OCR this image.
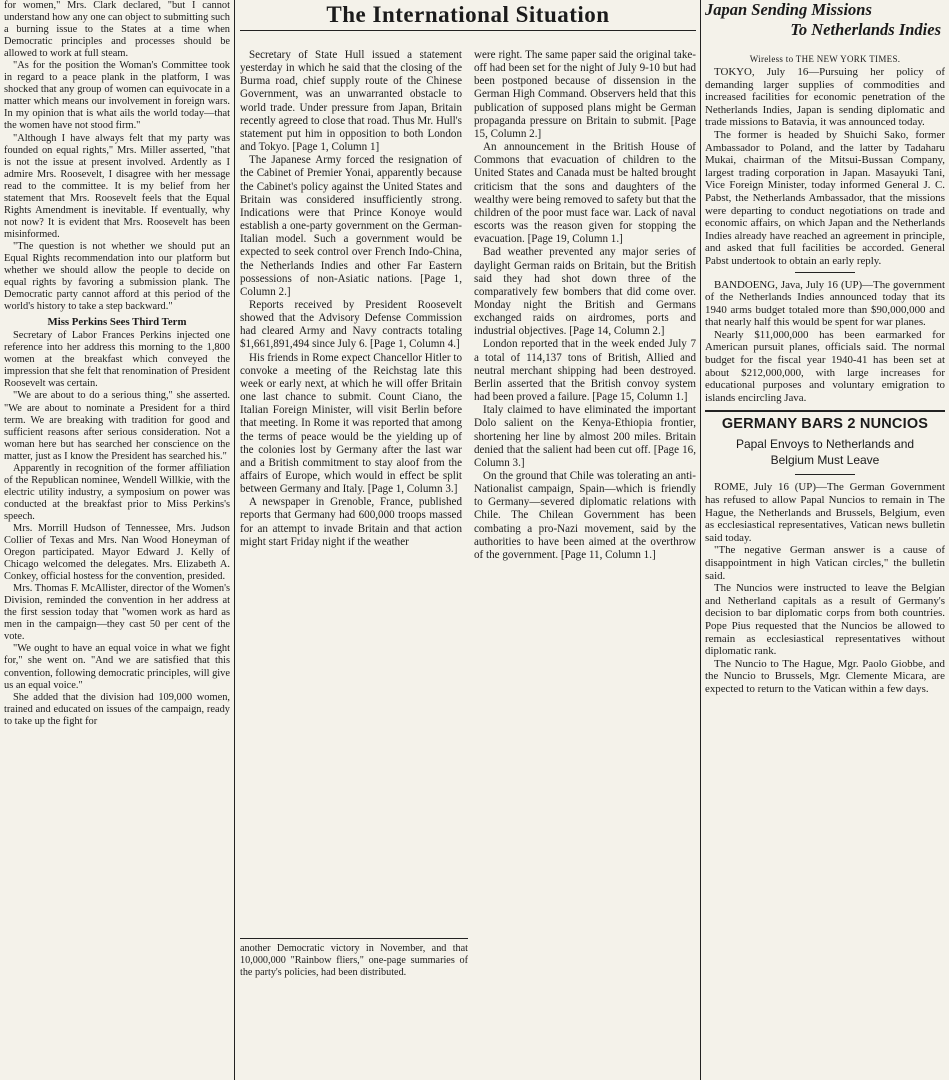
for women," Mrs. Clark declared, "but I cannot understand how any one can object to submitting such a burning issue to the States at a time when Democratic principles and processes should be allowed to work at full steam.

"As for the position the Woman's Committee took in regard to a peace plank in the platform, I was shocked that any group of women can equivocate in a matter which means our involvement in foreign wars. In my opinion that is what ails the world today—that the women have not stood firm."

"Although I have always felt that my party was founded on equal rights," Mrs. Miller asserted, "that is not the issue at present involved. Ardently as I admire Mrs. Roosevelt, I disagree with her message read to the committee. It is my belief from her statement that Mrs. Roosevelt feels that the Equal Rights Amendment is inevitable. If eventually, why not now? It is evident that Mrs. Roosevelt has been misinformed.

"The question is not whether we should put an Equal Rights recommendation into our platform but whether we should allow the people to decide on equal rights by favoring a submission plank. The Democratic party cannot afford at this period of the world's history to take a step backward."

Miss Perkins Sees Third Term

Secretary of Labor Frances Perkins injected one reference into her address this morning to the 1,800 women at the breakfast which conveyed the impression that she felt that renomination of President Roosevelt was certain.

"We are about to do a serious thing," she asserted. "We are about to nominate a President for a third term. We are breaking with tradition for good and sufficient reasons after serious consideration. Not a woman here but has searched her conscience on the matter, just as I know the President has searched his."

Apparently in recognition of the former affiliation of the Republican nominee, Wendell Willkie, with the electric utility industry, a symposium on power was conducted at the breakfast prior to Miss Perkins's speech.

Mrs. Morrill Hudson of Tennessee, Mrs. Judson Collier of Texas and Mrs. Nan Wood Honeyman of Oregon participated. Mayor Edward J. Kelly of Chicago welcomed the delegates. Mrs. Elizabeth A. Conkey, official hostess for the convention, presided.

Mrs. Thomas F. McAllister, director of the Women's Division, reminded the convention in her address at the first session today that "women work as hard as men in the campaign—they cast 50 per cent of the vote.

"We ought to have an equal voice in what we fight for," she went on. "And we are satisfied that this convention, following democratic principles, will give us an equal voice."

She added that the division had 109,000 women, trained and educated on issues of the campaign, ready to take up the fight for

The International Situation

Secretary of State Hull issued a statement yesterday in which he said that the closing of the Burma road, chief supply route of the Chinese Government, was an unwarranted obstacle to world trade. Under pressure from Japan, Britain recently agreed to close that road. Thus Mr. Hull's statement put him in opposition to both London and Tokyo. [Page 1, Column 1]

The Japanese Army forced the resignation of the Cabinet of Premier Yonai, apparently because the Cabinet's policy against the United States and Britain was considered insufficiently strong. Indications were that Prince Konoye would establish a one-party government on the German-Italian model. Such a government would be expected to seek control over French Indo-China, the Netherlands Indies and other Far Eastern possessions of non-Asiatic nations. [Page 1, Column 2.]

Reports received by President Roosevelt showed that the Advisory Defense Commission had cleared Army and Navy contracts totaling $1,661,891,494 since July 6. [Page 1, Column 4.]

His friends in Rome expect Chancellor Hitler to convoke a meeting of the Reichstag late this week or early next, at which he will offer Britain one last chance to submit. Count Ciano, the Italian Foreign Minister, will visit Berlin before that meeting. In Rome it was reported that among the terms of peace would be the yielding up of the colonies lost by Germany after the last war and a British commitment to stay aloof from the affairs of Europe, which would in effect be split between Germany and Italy. [Page 1, Column 3.]

A newspaper in Grenoble, France, published reports that Germany had 600,000 troops massed for an attempt to invade Britain and that action might start Friday night if the weather

were right. The same paper said the original take-off had been set for the night of July 9-10 but had been postponed because of dissension in the German High Command. Observers held that this publication of supposed plans might be German propaganda pressure on Britain to submit. [Page 15, Column 2.]

An announcement in the British House of Commons that evacuation of children to the United States and Canada must be halted brought criticism that the sons and daughters of the wealthy were being removed to safety but that the children of the poor must face war. Lack of naval escorts was the reason given for stopping the evacuation. [Page 19, Column 1.]

Bad weather prevented any major series of daylight German raids on Britain, but the British said they had shot down three of the comparatively few bombers that did come over. Monday night the British and Germans exchanged raids on airdromes, ports and industrial objectives. [Page 14, Column 2.]

London reported that in the week ended July 7 a total of 114,137 tons of British, Allied and neutral merchant shipping had been destroyed. Berlin asserted that the British convoy system had been proved a failure. [Page 15, Column 1.]

Italy claimed to have eliminated the important Dolo salient on the Kenya-Ethiopia frontier, shortening her line by almost 200 miles. Britain denied that the salient had been cut off. [Page 16, Column 3.]

On the ground that Chile was tolerating an anti-Nationalist campaign, Spain—which is friendly to Germany—severed diplomatic relations with Chile. The Chilean Government has been combating a pro-Nazi movement, said by the authorities to have been aimed at the overthrow of the government. [Page 11, Column 1.]

another Democratic victory in November, and that 10,000,000 "Rainbow fliers," one-page summaries of the party's policies, had been distributed.

Japan Sending Missions
To Netherlands Indies
Wireless to THE NEW YORK TIMES.

TOKYO, July 16—Pursuing her policy of demanding larger supplies of commodities and increased facilities for economic penetration of the Netherlands Indies, Japan is sending diplomatic and trade missions to Batavia, it was announced today.

The former is headed by Shuichi Sako, former Ambassador to Poland, and the latter by Tadaharu Mukai, chairman of the Mitsui-Bussan Company, largest trading corporation in Japan. Masayuki Tani, Vice Foreign Minister, today informed General J. C. Pabst, the Netherlands Ambassador, that the missions were departing to conduct negotiations on trade and economic affairs, on which Japan and the Netherlands Indies already have reached an agreement in principle, and asked that full facilities be accorded. General Pabst undertook to obtain an early reply.

BANDOENG, Java, July 16 (UP)—The government of the Netherlands Indies announced today that its 1940 arms budget totaled more than $90,000,000 and that nearly half this would be spent for war planes.

Nearly $11,000,000 has been earmarked for American pursuit planes, officials said. The normal budget for the fiscal year 1940-41 has been set at about $212,000,000, with large increases for educational purposes and voluntary emigration to islands encircling Java.

GERMANY BARS 2 NUNCIOS
Papal Envoys to Netherlands and
Belgium Must Leave

ROME, July 16 (UP)—The German Government has refused to allow Papal Nuncios to remain in The Hague, the Netherlands and Brussels, Belgium, even as ecclesiastical representatives, Vatican news bulletin said today.

"The negative German answer is a cause of disappointment in high Vatican circles," the bulletin said.

The Nuncios were instructed to leave the Belgian and Netherland capitals as a result of Germany's decision to bar diplomatic corps from both countries. Pope Pius requested that the Nuncios be allowed to remain as ecclesiastical representatives without diplomatic rank.

The Nuncio to The Hague, Mgr. Paolo Giobbe, and the Nuncio to Brussels, Mgr. Clemente Micara, are expected to return to the Vatican within a few days.
